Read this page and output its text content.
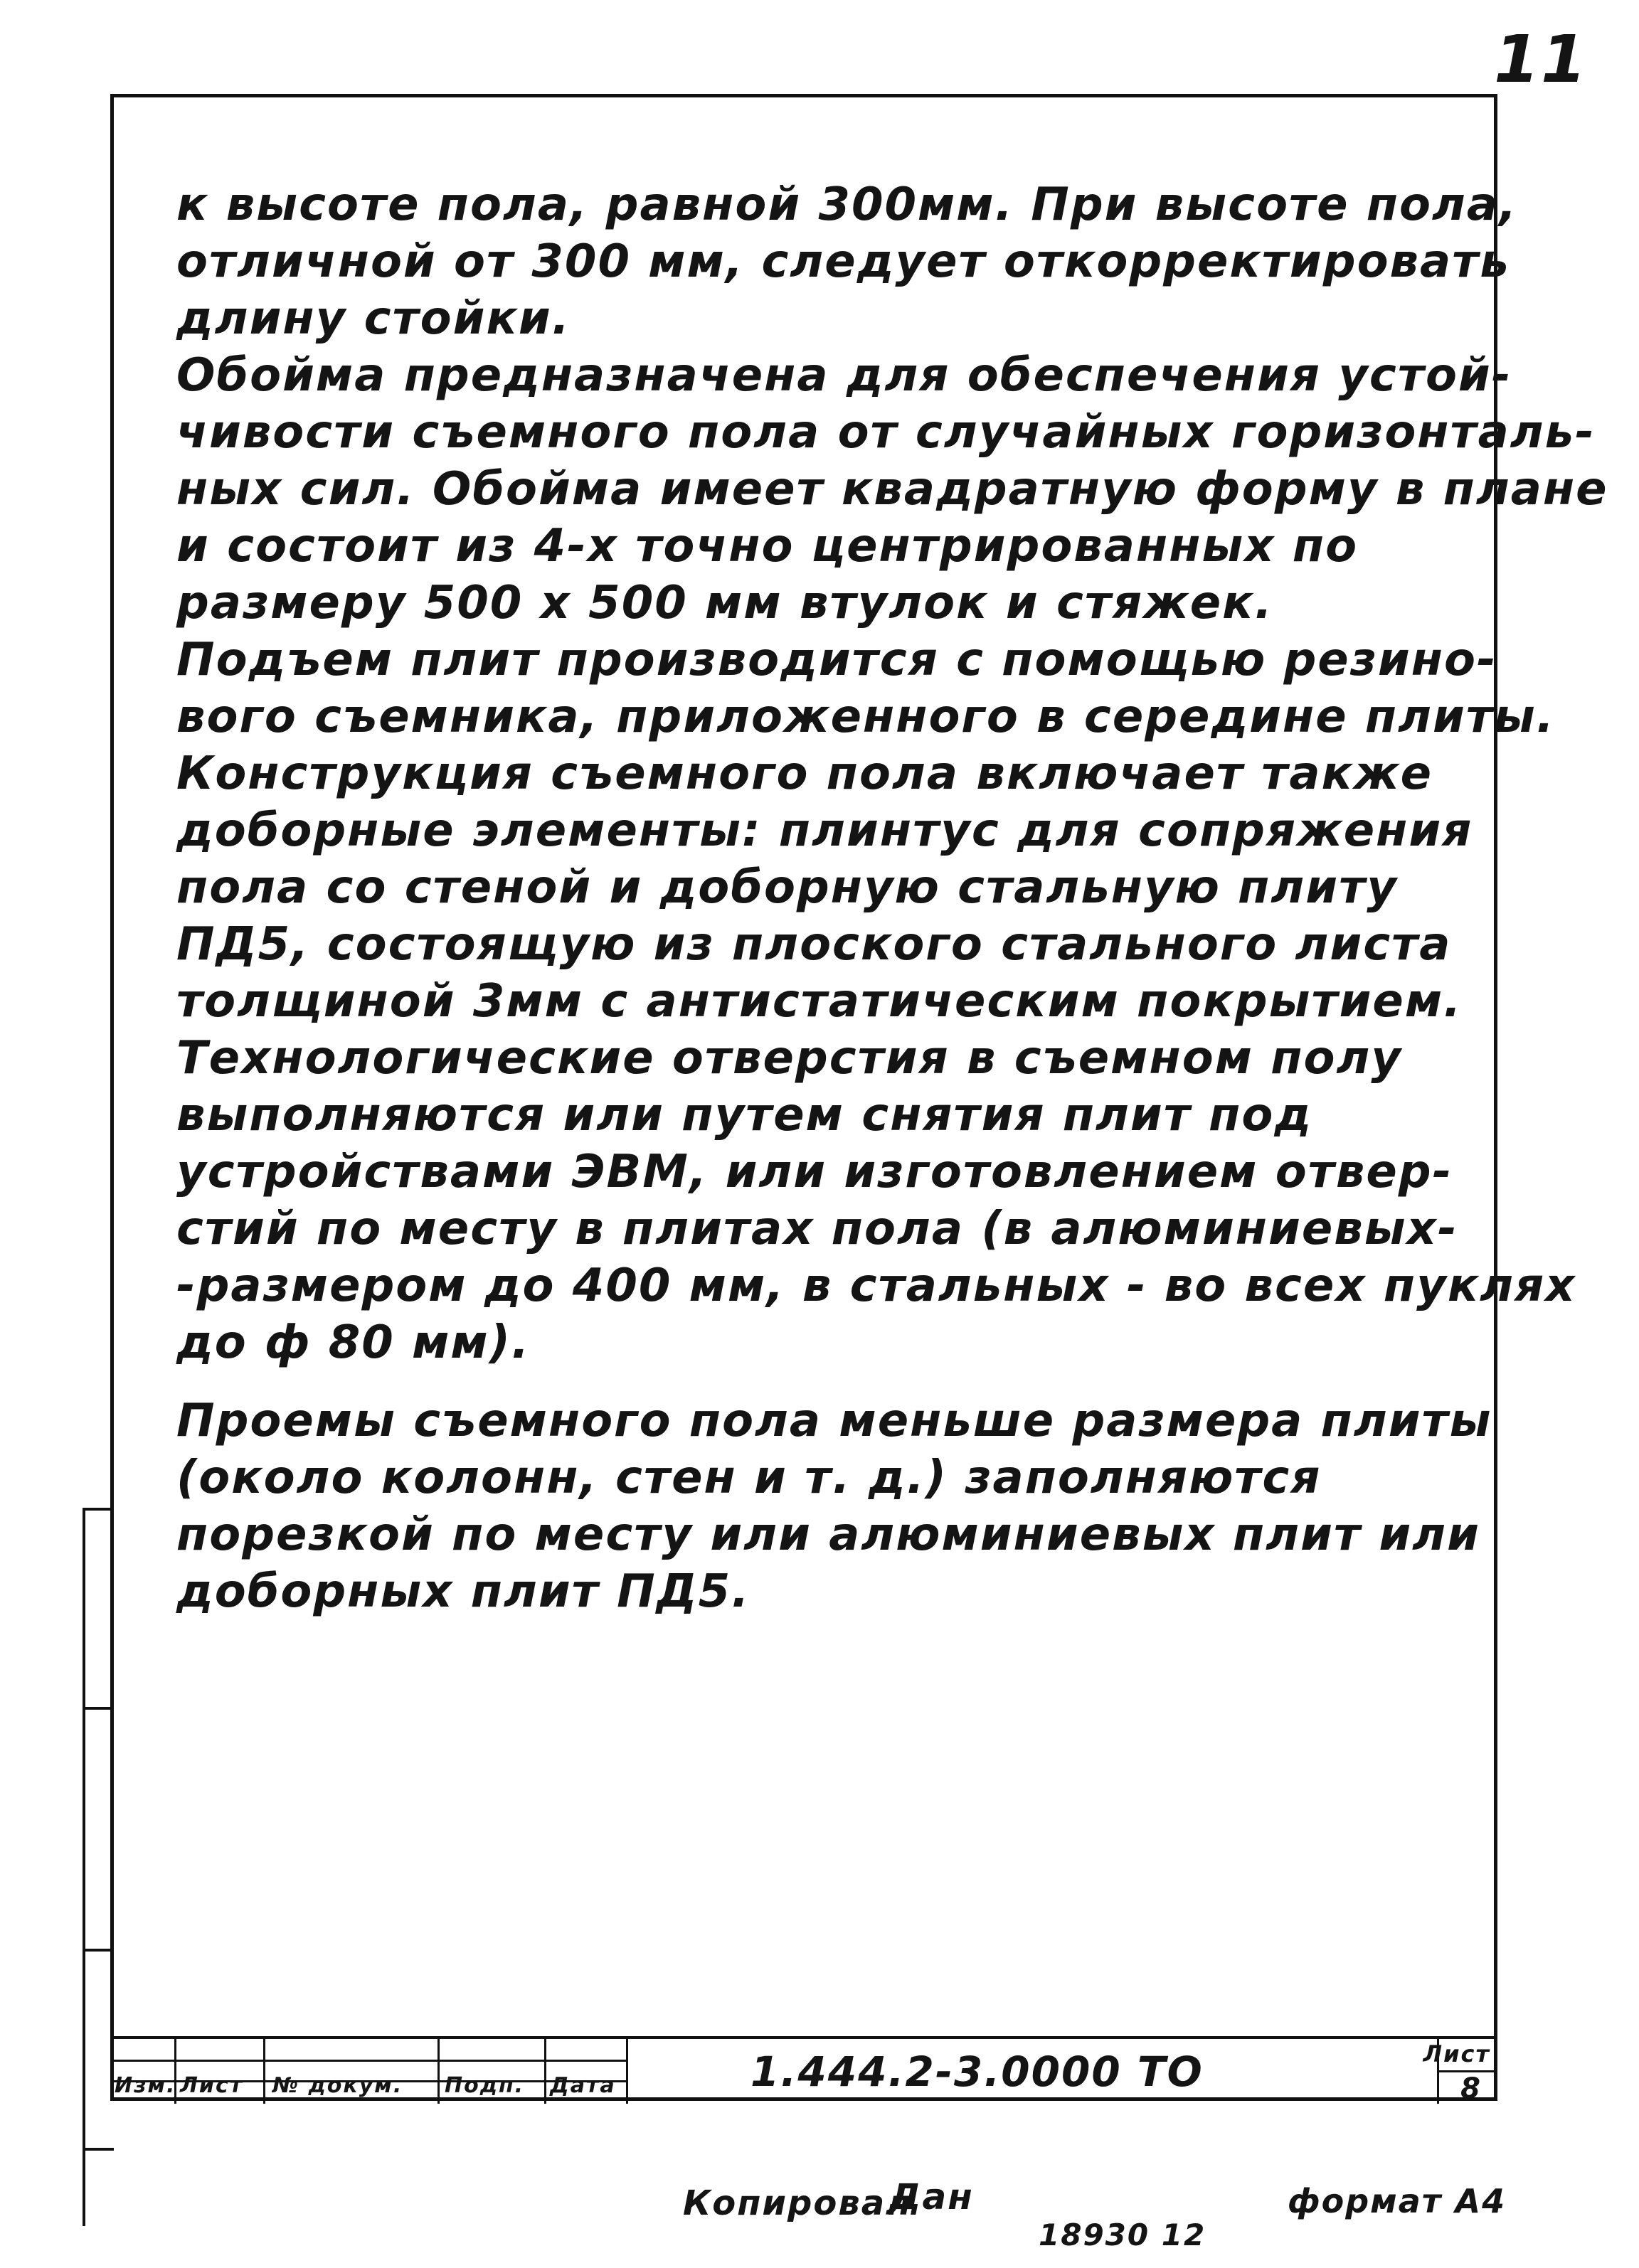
11
к высоте пола, равной 300мм. При высоте пола,
отличной от 300 мм, следует откорректировать
длину стойки.
Обойма предназначена для обеспечения устой-
чивости съемного пола от случайных горизонталь-
ных сил. Обойма имеет квадратную форму в плане
и состоит из 4-х точно центрированных по
размеру 500 х 500 мм втулок и стяжек.
Подъем плит производится с помощью резино-
вого съемника, приложенного в середине плиты.
Конструкция съемного пола включает также
доборные элементы: плинтус для сопряжения
пола со стеной и доборную стальную плиту
ПД5, состоящую из плоского стального листа
толщиной 3мм с антистатическим покрытием.
Технологические отверстия в съемном полу
выполняются или путем снятия плит под
устройствами ЭВМ, или изготовлением отвер-
стий по месту в плитах пола (в алюминиевых-
-размером до 400 мм, в стальных - во всех пуклях
до ф 80 мм).
Проемы съемного пола меньше размера плиты
(около колонн, стен и т. д.) заполняются
порезкой по месту или алюминиевых плит или
доборных плит ПД5.
Изм. Лист № докум. Подп. Дата	1.444.2-3.0000 ТО	Лист
8
Копировал
Дан
18930 12
формат А4
